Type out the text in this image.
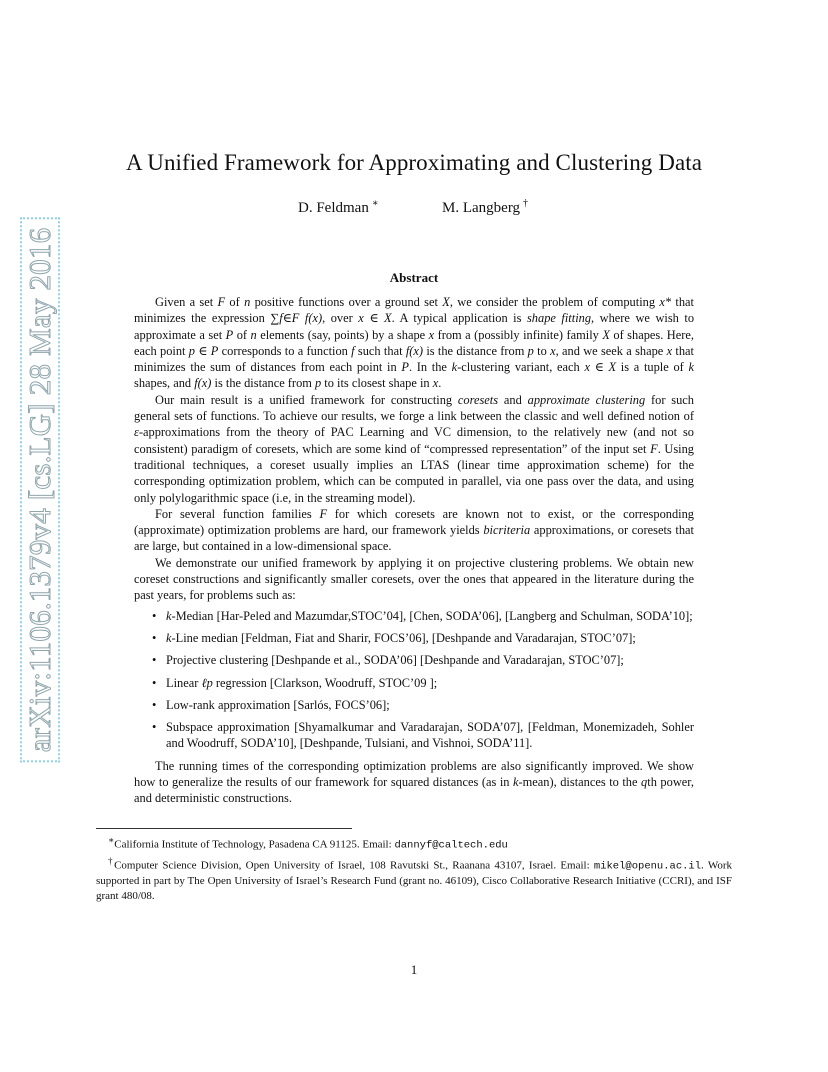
arXiv:1106.1379v4 [cs.LG] 28 May 2016
A Unified Framework for Approximating and Clustering Data
D. Feldman ∗	M. Langberg †
Abstract

Given a set F of n positive functions over a ground set X, we consider the problem of computing x* that minimizes the expression ∑f∈F f(x), over x ∈ X. A typical application is shape fitting, where we wish to approximate a set P of n elements (say, points) by a shape x from a (possibly infinite) family X of shapes. Here, each point p ∈ P corresponds to a function f such that f(x) is the distance from p to x, and we seek a shape x that minimizes the sum of distances from each point in P. In the k-clustering variant, each x ∈ X is a tuple of k shapes, and f(x) is the distance from p to its closest shape in x.

Our main result is a unified framework for constructing coresets and approximate clustering for such general sets of functions. To achieve our results, we forge a link between the classic and well defined notion of ε-approximations from the theory of PAC Learning and VC dimension, to the relatively new (and not so consistent) paradigm of coresets, which are some kind of “compressed representation” of the input set F. Using traditional techniques, a coreset usually implies an LTAS (linear time approximation scheme) for the corresponding optimization problem, which can be computed in parallel, via one pass over the data, and using only polylogarithmic space (i.e, in the streaming model).

For several function families F for which coresets are known not to exist, or the corresponding (approximate) optimization problems are hard, our framework yields bicriteria approximations, or coresets that are large, but contained in a low-dimensional space.

We demonstrate our unified framework by applying it on projective clustering problems. We obtain new coreset constructions and significantly smaller coresets, over the ones that appeared in the literature during the past years, for problems such as:

• k-Median [Har-Peled and Mazumdar,STOC’04], [Chen, SODA’06], [Langberg and Schulman, SODA’10];
• k-Line median [Feldman, Fiat and Sharir, FOCS’06], [Deshpande and Varadarajan, STOC’07];
• Projective clustering [Deshpande et al., SODA’06] [Deshpande and Varadarajan, STOC’07];
• Linear ℓp regression [Clarkson, Woodruff, STOC’09 ];
• Low-rank approximation [Sarlós, FOCS’06];
• Subspace approximation [Shyamalkumar and Varadarajan, SODA’07], [Feldman, Monemizadeh, Sohler and Woodruff, SODA’10], [Deshpande, Tulsiani, and Vishnoi, SODA’11].

The running times of the corresponding optimization problems are also significantly improved. We show how to generalize the results of our framework for squared distances (as in k-mean), distances to the qth power, and deterministic constructions.

∗California Institute of Technology, Pasadena CA 91125. Email: dannyf@caltech.edu

†Computer Science Division, Open University of Israel, 108 Ravutski St., Raanana 43107, Israel. Email: mikel@openu.ac.il. Work supported in part by The Open University of Israel’s Research Fund (grant no. 46109), Cisco Collaborative Research Initiative (CCRI), and ISF grant 480/08.

1
